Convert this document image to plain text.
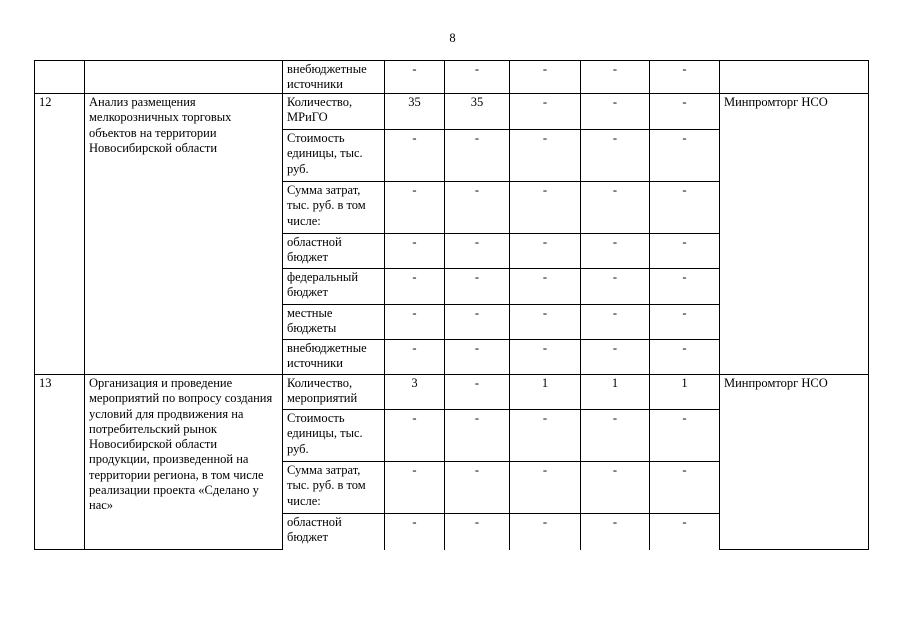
8
		внебюджетные источники	-	-	-	-	-	
12	Анализ размещения мелкорозничных торговых объектов на территории Новосибирской области	Количество, МРиГО	35	35	-	-	-	Минпромторг НСО
		Стоимость единицы, тыс. руб.	-	-	-	-	-	
		Сумма затрат, тыс. руб. в том числе:	-	-	-	-	-	
		областной бюджет	-	-	-	-	-	
		федеральный бюджет	-	-	-	-	-	
		местные бюджеты	-	-	-	-	-	
		внебюджетные источники	-	-	-	-	-	
13	Организация и проведение мероприятий по вопросу создания условий для продвижения на потребительский рынок Новосибирской области продукции, произведенной на территории региона, в том числе реализации проекта «Сделано у нас»	Количество, мероприятий	3	-	1	1	1	Минпромторг НСО
		Стоимость единицы, тыс. руб.	-	-	-	-	-	
		Сумма затрат, тыс. руб. в том числе:	-	-	-	-	-	
		областной бюджет	-	-	-	-	-	
